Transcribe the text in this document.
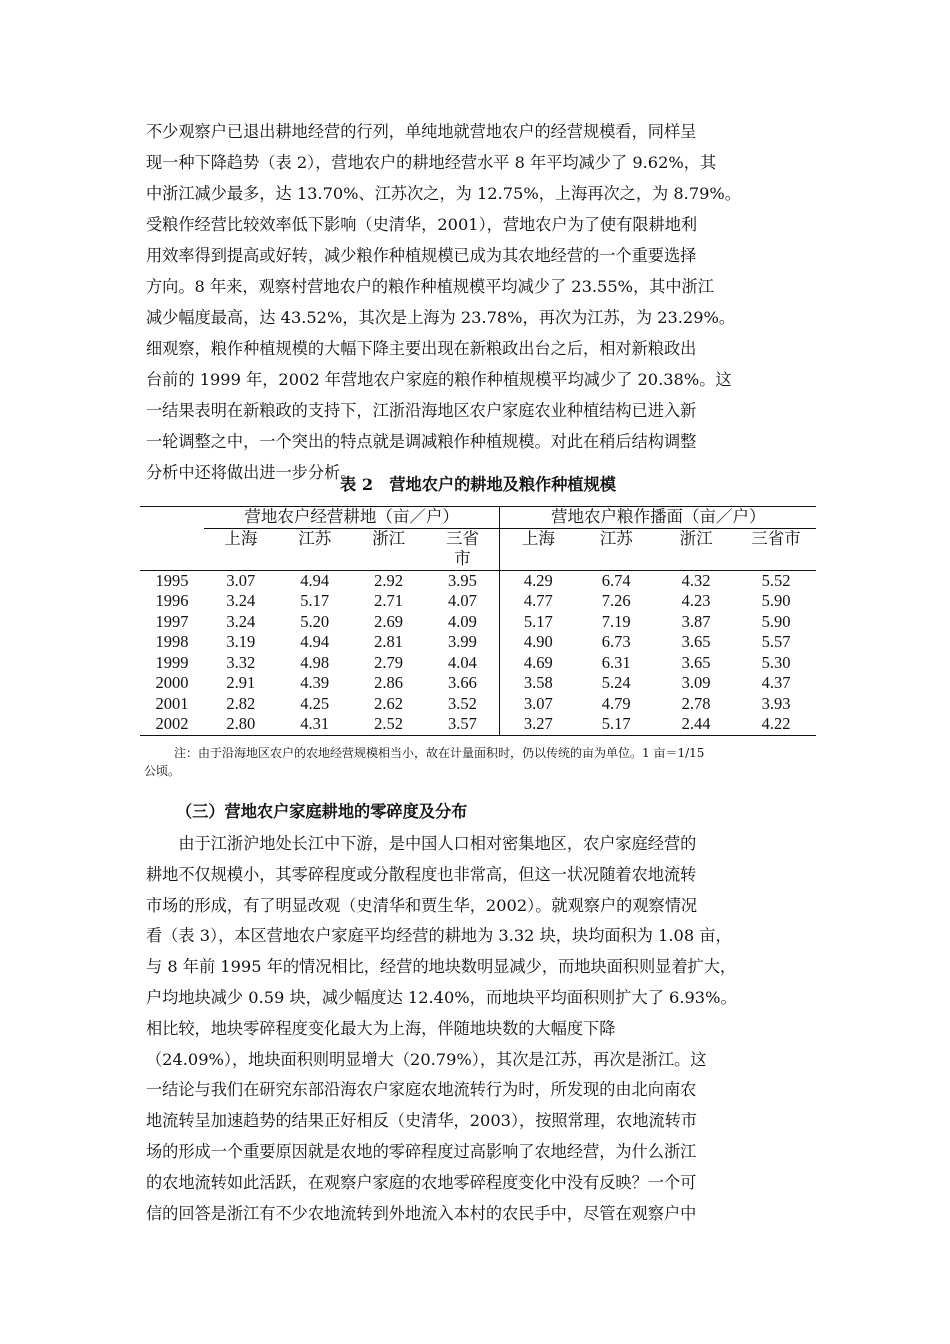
不少观察户已退出耕地经营的行列，单纯地就营地农户的经营规模看，同样呈

现一种下降趋势（表 2），营地农户的耕地经营水平 8 年平均减少了 9.62%，其

中浙江减少最多，达 13.70%、江苏次之，为 12.75%，上海再次之，为 8.79%。

受粮作经营比较效率低下影响（史清华，2001），营地农户为了使有限耕地利

用效率得到提高或好转，减少粮作种植规模已成为其农地经营的一个重要选择

方向。8 年来，观察村营地农户的粮作种植规模平均减少了 23.55%，其中浙江

减少幅度最高，达 43.52%，其次是上海为 23.78%，再次为江苏，为 23.29%。

细观察，粮作种植规模的大幅下降主要出现在新粮政出台之后，相对新粮政出

台前的 1999 年，2002 年营地农户家庭的粮作种植规模平均减少了 20.38%。这

一结果表明在新粮政的支持下，江浙沿海地区农户家庭农业种植结构已进入新

一轮调整之中，一个突出的特点就是调减粮作种植规模。对此在稍后结构调整

分析中还将做出进一步分析。

表 2　营地农户的耕地及粮作种植规模
	营地农户经营耕地（亩／户）				营地农户粮作播面（亩／户）			
	上海	江苏	浙江	三省	上海	江苏	浙江	三省市
				市				
1995	3.07	4.94	2.92	3.95	4.29	6.74	4.32	5.52
1996	3.24	5.17	2.71	4.07	4.77	7.26	4.23	5.90
1997	3.24	5.20	2.69	4.09	5.17	7.19	3.87	5.90
1998	3.19	4.94	2.81	3.99	4.90	6.73	3.65	5.57
1999	3.32	4.98	2.79	4.04	4.69	6.31	3.65	5.30
2000	2.91	4.39	2.86	3.66	3.58	5.24	3.09	4.37
2001	2.82	4.25	2.62	3.52	3.07	4.79	2.78	3.93
2002	2.80	4.31	2.52	3.57	3.27	5.17	2.44	4.22
注：由于沿海地区农户的农地经营规模相当小，故在计量面积时，仍以传统的亩为单位。1 亩＝1/15
公顷。
（三）营地农户家庭耕地的零碎度及分布

　　由于江浙沪地处长江中下游，是中国人口相对密集地区，农户家庭经营的

耕地不仅规模小，其零碎程度或分散程度也非常高，但这一状况随着农地流转

市场的形成，有了明显改观（史清华和贾生华，2002）。就观察户的观察情况

看（表 3），本区营地农户家庭平均经营的耕地为 3.32 块，块均面积为 1.08 亩，

与 8 年前 1995 年的情况相比，经营的地块数明显减少，而地块面积则显着扩大，

户均地块减少 0.59 块，减少幅度达 12.40%，而地块平均面积则扩大了 6.93%。

相比较，地块零碎程度变化最大为上海，伴随地块数的大幅度下降

（24.09%），地块面积则明显增大（20.79%），其次是江苏，再次是浙江。这

一结论与我们在研究东部沿海农户家庭农地流转行为时，所发现的由北向南农

地流转呈加速趋势的结果正好相反（史清华，2003），按照常理，农地流转市

场的形成一个重要原因就是农地的零碎程度过高影响了农地经营，为什么浙江

的农地流转如此活跃，在观察户家庭的农地零碎程度变化中没有反映？一个可

信的回答是浙江有不少农地流转到外地流入本村的农民手中，尽管在观察户中
